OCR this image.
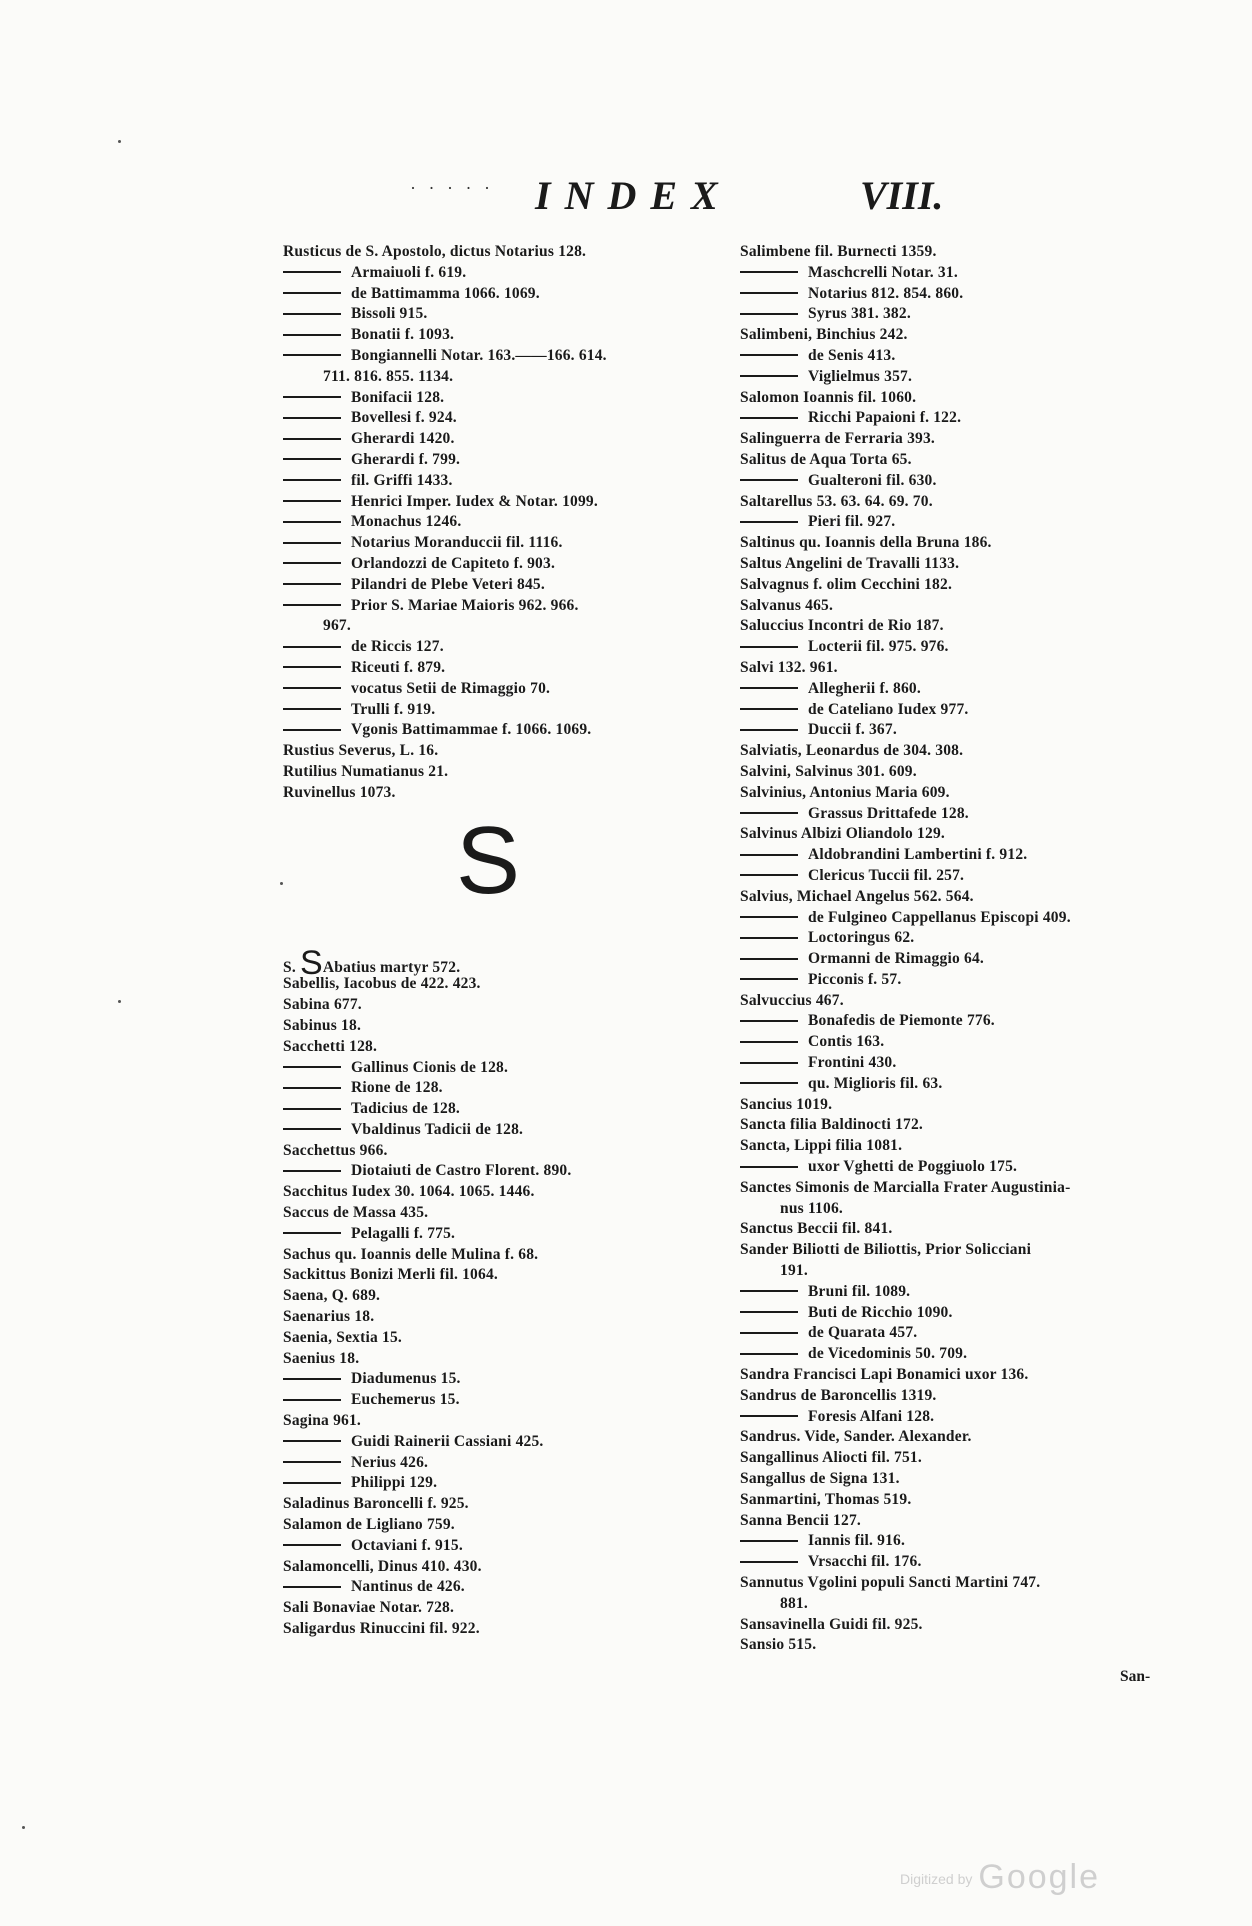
· · · · · INDEX	VIII.
Rusticus de S. Apostolo, dictus Notarius 128.
Armaiuoli f. 619.
de Battimamma 1066. 1069.
Bissoli 915.
Bonatii f. 1093.
Bongiannelli Notar. 163.——166. 614.
711. 816. 855. 1134.
Bonifacii 128.
Bovellesi f. 924.
Gherardi 1420.
Gherardi f. 799.
fil. Griffi 1433.
Henrici Imper. Iudex & Notar. 1099.
Monachus 1246.
Notarius Moranduccii fil. 1116.
Orlandozzi de Capiteto f. 903.
Pilandri de Plebe Veteri 845.
Prior S. Mariae Maioris 962. 966.
967.
de Riccis 127.
Riceuti f. 879.
vocatus Setii de Rimaggio 70.
Trulli f. 919.
Vgonis Battimammae f. 1066. 1069.
Rustius Severus, L. 16.
Rutilius Numatianus 21.
Ruvinellus 1073.
S
S. SAbatius martyr 572.
Sabellis, Iacobus de 422. 423.
Sabina 677.
Sabinus 18.
Sacchetti 128.
Gallinus Cionis de 128.
Rione de 128.
Tadicius de 128.
Vbaldinus Tadicii de 128.
Sacchettus 966.
Diotaiuti de Castro Florent. 890.
Sacchitus Iudex 30. 1064. 1065. 1446.
Saccus de Massa 435.
Pelagalli f. 775.
Sachus qu. Ioannis delle Mulina f. 68.
Sackittus Bonizi Merli fil. 1064.
Saena, Q. 689.
Saenarius 18.
Saenia, Sextia 15.
Saenius 18.
Diadumenus 15.
Euchemerus 15.
Sagina 961.
Guidi Rainerii Cassiani 425.
Nerius 426.
Philippi 129.
Saladinus Baroncelli f. 925.
Salamon de Ligliano 759.
Octaviani f. 915.
Salamoncelli, Dinus 410. 430.
Nantinus de 426.
Sali Bonaviae Notar. 728.
Saligardus Rinuccini fil. 922.
Salimbene fil. Burnecti 1359.
Maschcrelli Notar. 31.
Notarius 812. 854. 860.
Syrus 381. 382.
Salimbeni, Binchius 242.
de Senis 413.
Viglielmus 357.
Salomon Ioannis fil. 1060.
Ricchi Papaioni f. 122.
Salinguerra de Ferraria 393.
Salitus de Aqua Torta 65.
Gualteroni fil. 630.
Saltarellus 53. 63. 64. 69. 70.
Pieri fil. 927.
Saltinus qu. Ioannis della Bruna 186.
Saltus Angelini de Travalli 1133.
Salvagnus f. olim Cecchini 182.
Salvanus 465.
Saluccius Incontri de Rio 187.
Locterii fil. 975. 976.
Salvi 132. 961.
Allegherii f. 860.
de Cateliano Iudex 977.
Duccii f. 367.
Salviatis, Leonardus de 304. 308.
Salvini, Salvinus 301. 609.
Salvinius, Antonius Maria 609.
Grassus Drittafede 128.
Salvinus Albizi Oliandolo 129.
Aldobrandini Lambertini f. 912.
Clericus Tuccii fil. 257.
Salvius, Michael Angelus 562. 564.
de Fulgineo Cappellanus Episcopi 409.
Loctoringus 62.
Ormanni de Rimaggio 64.
Picconis f. 57.
Salvuccius 467.
Bonafedis de Piemonte 776.
Contis 163.
Frontini 430.
qu. Miglioris fil. 63.
Sancius 1019.
Sancta filia Baldinocti 172.
Sancta, Lippi filia 1081.
uxor Vghetti de Poggiuolo 175.
Sanctes Simonis de Marcialla Frater Augustinia-
nus 1106.
Sanctus Beccii fil. 841.
Sander Biliotti de Biliottis, Prior Solicciani
191.
Bruni fil. 1089.
Buti de Ricchio 1090.
de Quarata 457.
de Vicedominis 50. 709.
Sandra Francisci Lapi Bonamici uxor 136.
Sandrus de Baroncellis 1319.
Foresis Alfani 128.
Sandrus. Vide, Sander. Alexander.
Sangallinus Aliocti fil. 751.
Sangallus de Signa 131.
Sanmartini, Thomas 519.
Sanna Bencii 127.
Iannis fil. 916.
Vrsacchi fil. 176.
Sannutus Vgolini populi Sancti Martini 747.
881.
Sansavinella Guidi fil. 925.
Sansio 515.
San-
Digitized by Google
